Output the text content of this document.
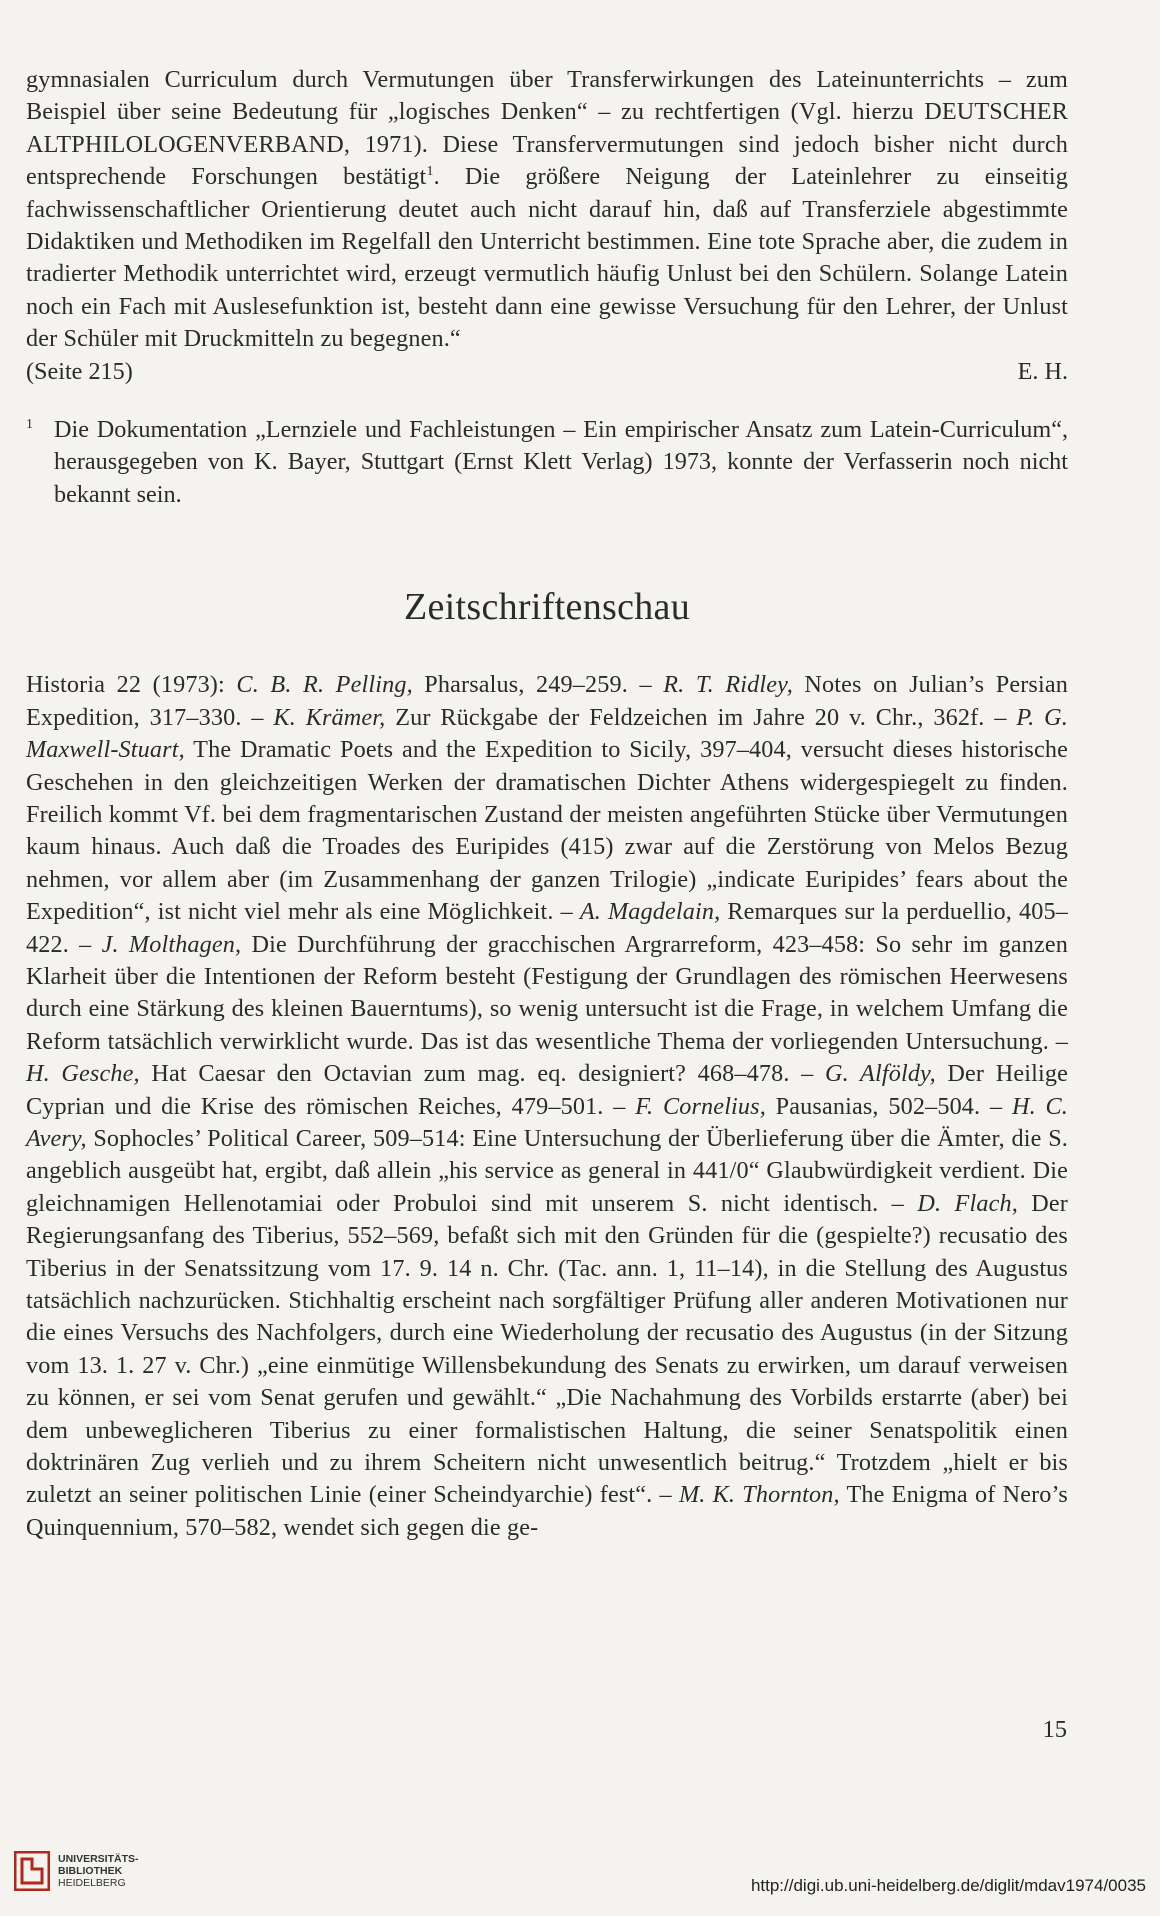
gymnasialen Curriculum durch Vermutungen über Transferwirkungen des Lateinunterrichts – zum Beispiel über seine Bedeutung für „logisches Denken“ – zu rechtfertigen (Vgl. hierzu DEUTSCHER ALTPHILOLOGENVERBAND, 1971). Diese Transfervermutungen sind jedoch bisher nicht durch entsprechende Forschungen bestätigt$^1$. Die größere Neigung der Lateinlehrer zu einseitig fachwissenschaftlicher Orientierung deutet auch nicht darauf hin, daß auf Transferziele abgestimmte Didaktiken und Methodiken im Regelfall den Unterricht bestimmen. Eine tote Sprache aber, die zudem in tradierter Methodik unterrichtet wird, erzeugt vermutlich häufig Unlust bei den Schülern. Solange Latein noch ein Fach mit Auslesefunktion ist, besteht dann eine gewisse Versuchung für den Lehrer, der Unlust der Schüler mit Druckmitteln zu begegnen.“

(Seite 215)	E. H.
1 Die Dokumentation „Lernziele und Fachleistungen – Ein empirischer Ansatz zum Latein-Curriculum“, herausgegeben von K. Bayer, Stuttgart (Ernst Klett Verlag) 1973, konnte der Verfasserin noch nicht bekannt sein.

Zeitschriftenschau

Historia 22 (1973): C. B. R. Pelling, Pharsalus, 249–259. – R. T. Ridley, Notes on Julian’s Persian Expedition, 317–330. – K. Krämer, Zur Rückgabe der Feldzeichen im Jahre 20 v. Chr., 362f. – P. G. Maxwell-Stuart, The Dramatic Poets and the Expedition to Sicily, 397–404, versucht dieses historische Geschehen in den gleichzeitigen Werken der dramatischen Dichter Athens widergespiegelt zu finden. Freilich kommt Vf. bei dem fragmentarischen Zustand der meisten angeführten Stücke über Vermutungen kaum hinaus. Auch daß die Troades des Euripides (415) zwar auf die Zerstörung von Melos Bezug nehmen, vor allem aber (im Zusammenhang der ganzen Trilogie) „indicate Euripides’ fears about the Expedition“, ist nicht viel mehr als eine Möglichkeit. – A. Magdelain, Remarques sur la perduellio, 405–422. – J. Molthagen, Die Durchführung der gracchischen Argrarreform, 423–458: So sehr im ganzen Klarheit über die Intentionen der Reform besteht (Festigung der Grundlagen des römischen Heerwesens durch eine Stärkung des kleinen Bauerntums), so wenig untersucht ist die Frage, in welchem Umfang die Reform tatsächlich verwirklicht wurde. Das ist das wesentliche Thema der vorliegenden Untersuchung. – H. Gesche, Hat Caesar den Octavian zum mag. eq. designiert? 468–478. – G. Alföldy, Der Heilige Cyprian und die Krise des römischen Reiches, 479–501. – F. Cornelius, Pausanias, 502–504. – H. C. Avery, Sophocles’ Political Career, 509–514: Eine Untersuchung der Überlieferung über die Ämter, die S. angeblich ausgeübt hat, ergibt, daß allein „his service as general in 441/0“ Glaubwürdigkeit verdient. Die gleichnamigen Hellenotamiai oder Probuloi sind mit unserem S. nicht identisch. – D. Flach, Der Regierungsanfang des Tiberius, 552–569, befaßt sich mit den Gründen für die (gespielte?) recusatio des Tiberius in der Senatssitzung vom 17. 9. 14 n. Chr. (Tac. ann. 1, 11–14), in die Stellung des Augustus tatsächlich nachzurücken. Stichhaltig erscheint nach sorgfältiger Prüfung aller anderen Motivationen nur die eines Versuchs des Nachfolgers, durch eine Wiederholung der recusatio des Augustus (in der Sitzung vom 13. 1. 27 v. Chr.) „eine einmütige Willensbekundung des Senats zu erwirken, um darauf verweisen zu können, er sei vom Senat gerufen und gewählt.“ „Die Nachahmung des Vorbilds erstarrte (aber) bei dem unbeweglicheren Tiberius zu einer formalistischen Haltung, die seiner Senatspolitik einen doktrinären Zug verlieh und zu ihrem Scheitern nicht unwesentlich beitrug.“ Trotzdem „hielt er bis zuletzt an seiner politischen Linie (einer Scheindyarchie) fest“. – M. K. Thornton, The Enigma of Nero’s Quinquennium, 570–582, wendet sich gegen die ge-

15
UNIVERSITÄTS-
BIBLIOTHEK
HEIDELBERG	http://digi.ub.uni-heidelberg.de/diglit/mdav1974/0035
